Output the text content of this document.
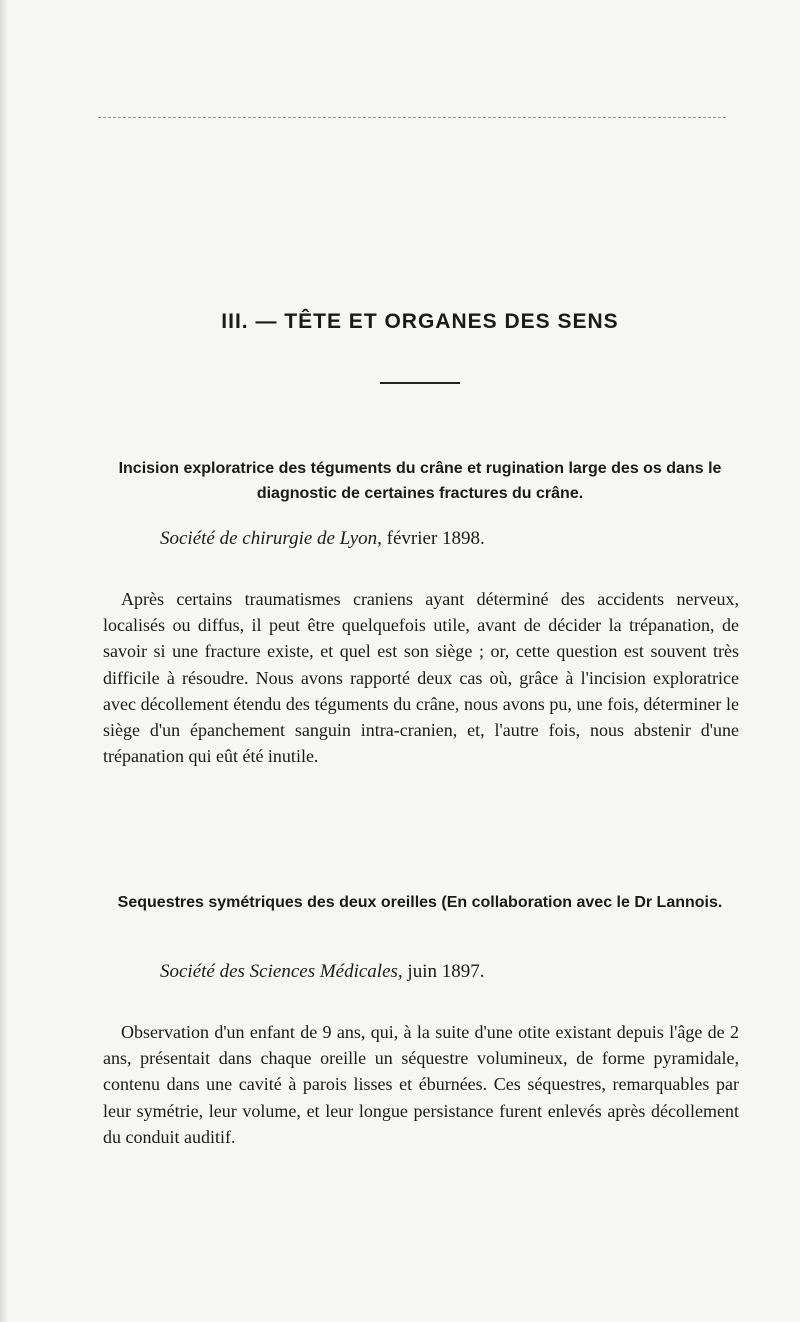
III. — TÊTE ET ORGANES DES SENS
Incision exploratrice des téguments du crâne et rugination large des os dans le diagnostic de certaines fractures du crâne.
Société de chirurgie de Lyon, février 1898.
Après certains traumatismes craniens ayant déterminé des accidents nerveux, localisés ou diffus, il peut être quelquefois utile, avant de décider la trépanation, de savoir si une fracture existe, et quel est son siège ; or, cette question est souvent très difficile à résoudre. Nous avons rapporté deux cas où, grâce à l'incision exploratrice avec décollement étendu des téguments du crâne, nous avons pu, une fois, déterminer le siège d'un épanchement sanguin intra-cranien, et, l'autre fois, nous abstenir d'une trépanation qui eût été inutile.
Sequestres symétriques des deux oreilles (En collaboration avec le Dr Lannois.
Société des Sciences Médicales, juin 1897.
Observation d'un enfant de 9 ans, qui, à la suite d'une otite existant depuis l'âge de 2 ans, présentait dans chaque oreille un séquestre volumineux, de forme pyramidale, contenu dans une cavité à parois lisses et éburnées. Ces séquestres, remarquables par leur symétrie, leur volume, et leur longue persistance furent enlevés après décollement du conduit auditif.
